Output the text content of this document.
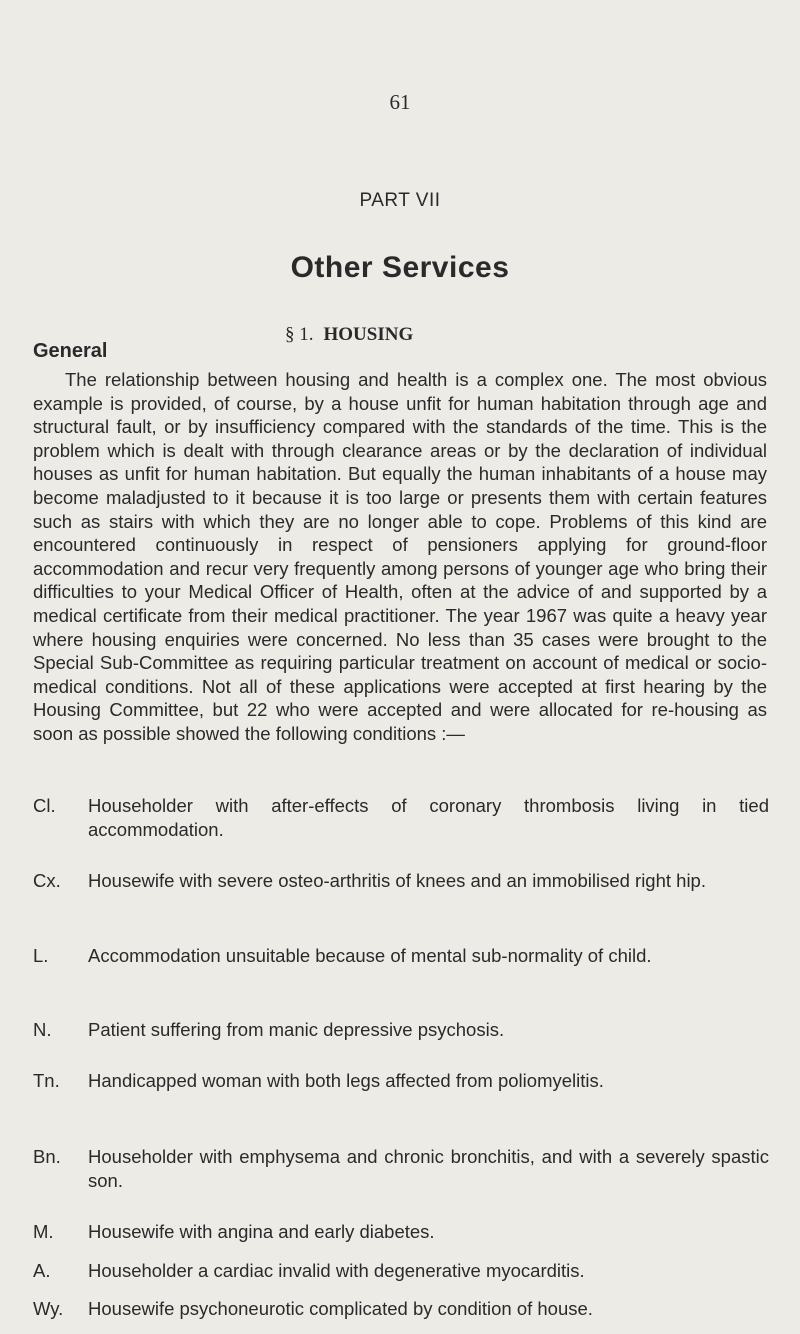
61
PART VII
Other Services
§ 1. HOUSING
General

The relationship between housing and health is a complex one. The most obvious example is provided, of course, by a house unfit for human habitation through age and structural fault, or by insufficiency compared with the standards of the time. This is the problem which is dealt with through clearance areas or by the declaration of individual houses as unfit for human habitation. But equally the human inhabitants of a house may become maladjusted to it because it is too large or presents them with certain features such as stairs with which they are no longer able to cope. Problems of this kind are encountered continuously in respect of pensioners applying for ground-floor accommodation and recur very frequently among persons of younger age who bring their difficulties to your Medical Officer of Health, often at the advice of and supported by a medical certificate from their medical practitioner. The year 1967 was quite a heavy year where housing enquiries were concerned. No less than 35 cases were brought to the Special Sub-Committee as requiring particular treatment on account of medical or socio-medical conditions. Not all of these applications were accepted at first hearing by the Housing Committee, but 22 who were accepted and were allocated for re-housing as soon as possible showed the following conditions :—

Cl.	Householder with after-effects of coronary thrombosis living in tied accommodation.
Cx.	Housewife with severe osteo-arthritis of knees and an immobilised right hip.
L.	Accommodation unsuitable because of mental sub-normality of child.
N.	Patient suffering from manic depressive psychosis.
Tn.	Handicapped woman with both legs affected from poliomyelitis.
Bn.	Householder with emphysema and chronic bronchitis, and with a severely spastic son.
M.	Housewife with angina and early diabetes.
A.	Householder a cardiac invalid with degenerative myocarditis.
Wy.	Housewife psychoneurotic complicated by condition of house.
